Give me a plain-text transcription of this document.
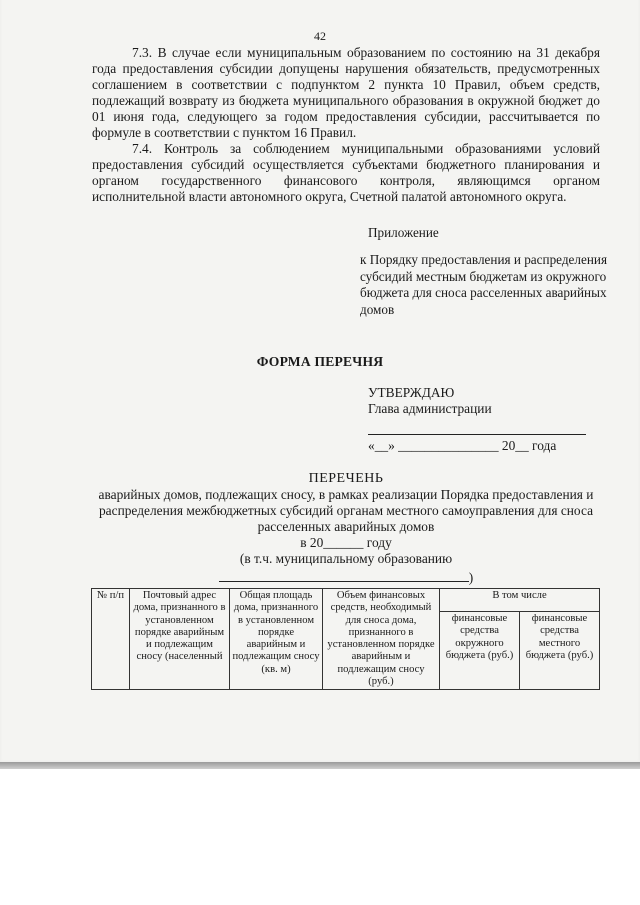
42

7.3. В случае если муниципальным образованием по состоянию на 31 декабря года предоставления субсидии допущены нарушения обязательств, предусмотренных соглашением в соответствии с подпунктом 2 пункта 10 Правил, объем средств, подлежащий возврату из бюджета муниципального образования в окружной бюджет до 01 июня года, следующего за годом предоставления субсидии, рассчитывается по формуле в соответствии с пунктом 16 Правил.

7.4. Контроль за соблюдением муниципальными образованиями условий предоставления субсидий осуществляется субъектами бюджетного планирования и органом государственного финансового контроля, являющимся органом исполнительной власти автономного округа, Счетной палатой автономного округа.

Приложение
к Порядку предоставления и распределения субсидий местным бюджетам из окружного бюджета для сноса расселенных аварийных домов
ФОРМА ПЕРЕЧНЯ
УТВЕРЖДАЮ
Глава администрации
«__» _______________ 20__ года
ПЕРЕЧЕНЬ
аварийных домов, подлежащих сносу, в рамках реализации Порядка предоставления и распределения межбюджетных субсидий органам местного самоуправления для сноса расселенных аварийных домов
в 20______ году
(в т.ч. муниципальному образованию
)
№ п/п	Почтовый адрес дома, признанного в установленном порядке аварийным и подлежащим сносу (населенный	Общая площадь дома, признанного в установленном порядке аварийным и подлежащим сносу (кв. м)	Объем финансовых средств, необходимый для сноса дома, признанного в установленном порядке аварийным и подлежащим сносу (руб.)	В том числе	
				финансовые средства окружного бюджета (руб.)	финансовые средства местного бюджета (руб.)
